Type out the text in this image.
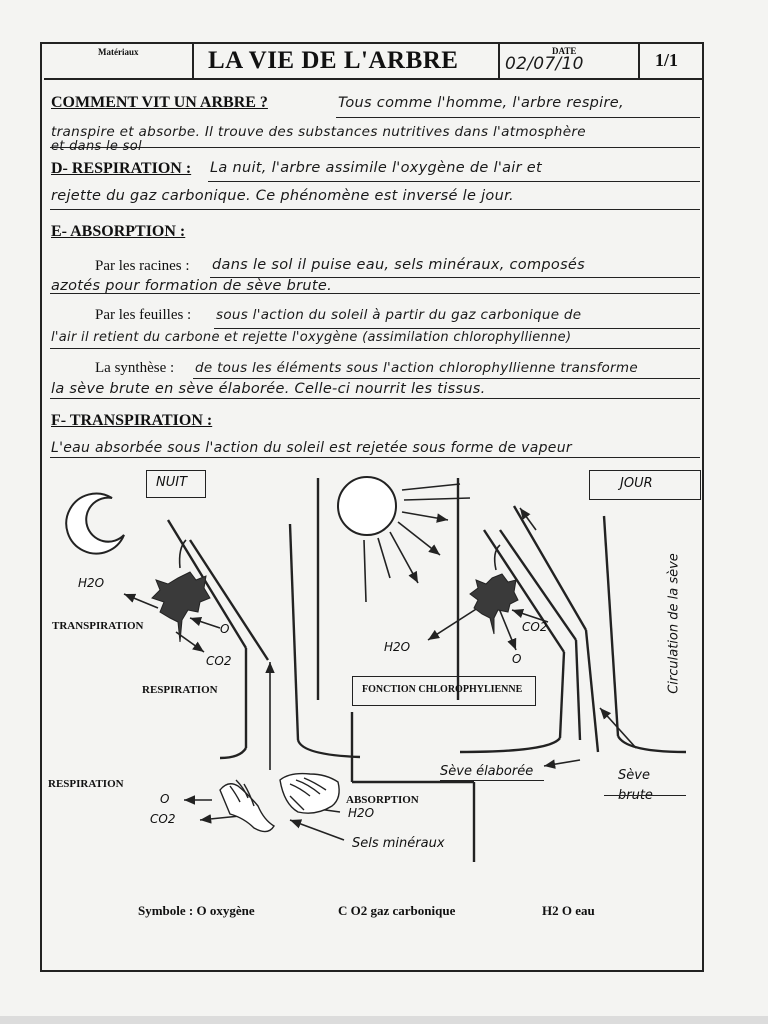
Matériaux	LA VIE DE L'ARBRE	DATE
02/07/10	1/1
COMMENT VIT UN ARBRE ?	Tous comme l'homme, l'arbre respire,
transpire et absorbe. Il trouve des substances nutritives dans l'atmosphère
et dans le sol
D- RESPIRATION : La nuit, l'arbre assimile l'oxygène de l'air et
rejette du gaz carbonique. Ce phénomène est inversé le jour.
E- ABSORPTION :
Par les racines : dans le sol il puise eau, sels minéraux, composés
azotés pour formation de sève brute.
Par les feuilles : sous l'action du soleil à partir du gaz carbonique de
l'air il retient du carbone et rejette l'oxygène (assimilation chlorophyllienne)
La synthèse : de tous les éléments sous l'action chlorophyllienne transforme
la sève brute en sève élaborée. Celle-ci nourrit les tissus.
F- TRANSPIRATION :
L'eau absorbée sous l'action du soleil est rejetée sous forme de vapeur
NUIT	JOUR
FONCTION CHLOROPHYLIENNE
H2O
TRANSPIRATION	O
CO2
RESPIRATION
RESPIRATION
O
CO2
ABSORPTION
H2O
Sels minéraux
H2O
CO2
O
Sève élaborée	Sève
brute
Circulation de la sève
Symbole : O oxygène	C O2 gaz carbonique	H2 O eau
